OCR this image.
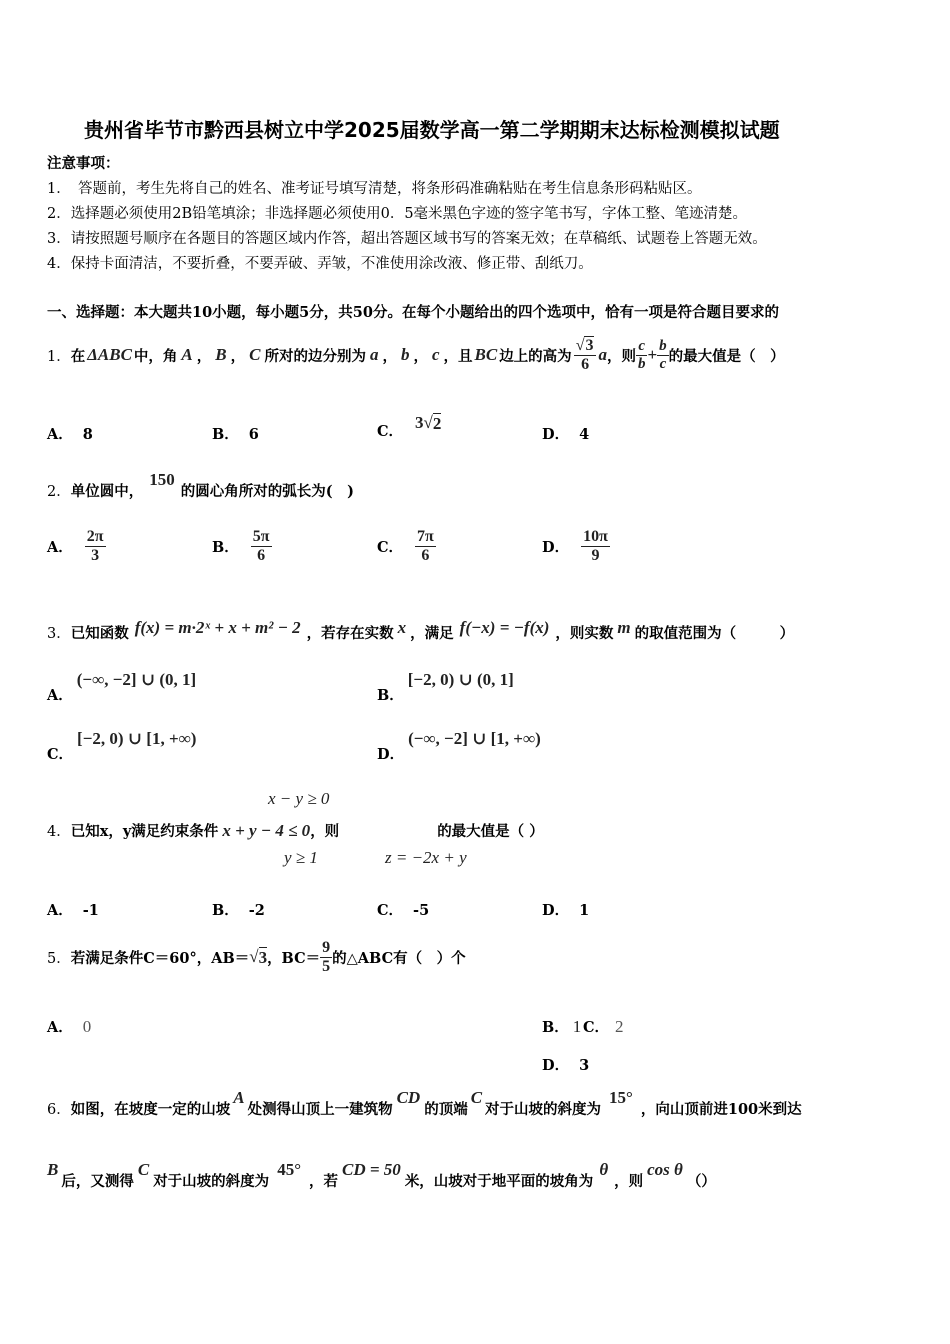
贵州省毕节市黔西县树立中学2025届数学高一第二学期期末达标检测模拟试题
注意事项：
1．　答题前，考生先将自己的姓名、准考证号填写清楚，将条形码准确粘贴在考生信息条形码粘贴区。
2．选择题必须使用2B铅笔填涂；非选择题必须使用0．5毫米黑色字迹的签字笔书写，字体工整、笔迹清楚。
3．请按照题号顺序在各题目的答题区域内作答，超出答题区域书写的答案无效；在草稿纸、试题卷上答题无效。
4．保持卡面清洁，不要折叠，不要弄破、弄皱，不准使用涂改液、修正带、刮纸刀。
一、选择题：本大题共10小题，每小题5分，共50分。在每个小题给出的四个选项中，恰有一项是符合题目要求的
1． 在 ΔABC 中，角 A ， B ， C 所对的边分别为 a ， b ， c ，且 BC 边上的高为 $\frac{√3}{6}$ a ，则 $\frac{c}{b} + \frac{b}{c}$ 的最大值是（　）
A． 8	B． 6	C． 3 √ 2
D． 4
2． 单位圆中，
150
的圆心角所对的弧长为(　)
A． $\frac{2\pi}{3}$	B． $\frac{5\pi}{6}$	C． $\frac{7\pi}{6}$	D． $\frac{10\pi}{9}$
3． 已知函数 f(x) = m·2ˣ + x + m² − 2 ，若存在实数 x ，满足 f(−x) = −f(x) ，则实数 m 的取值范围为（　　　）
A．
(−∞, −2] ∪ (0, 1]
B．
[−2, 0) ∪ (0, 1]
C．
[−2, 0) ∪ [1, +∞)
D．
(−∞, −2] ∪ [1, +∞)
x − y ≥ 0
4． 已知x，y满足约束条件 x + y − 4 ≤ 0 ，则	的最大值是（ ）
y ≥ 1	z = −2x + y
A． -1	B． -2	C． -5	D． 1
5． 若满足条件C＝60°，AB＝ √ 3 ，$BC= \frac{9}{5}$ 的△ABC有（　）个
A． 0	B． 1 C． 2
D． 3
6． 如图，在坡度一定的山坡
A
处测得山顶上一建筑物
CD
的顶端
C
对于山坡的斜度为
15°
，向山顶前进100米到达
B
后，又测得
C
对于山坡的斜度为
45°
，若
CD = 50
米，山坡对于地平面的坡角为
θ
，则
cos θ
（）
